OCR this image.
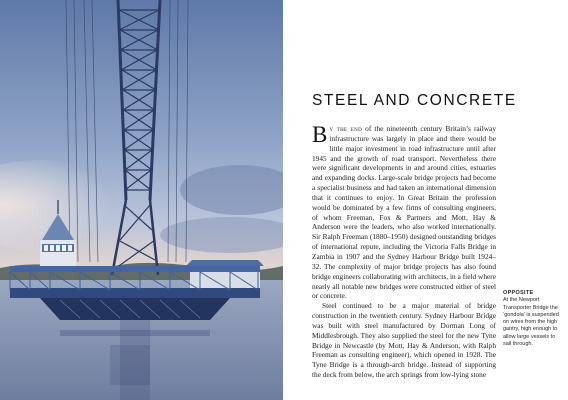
STEEL AND CONCRETE

By the end of the nineteenth century Britain’s railway infrastructure was largely in place and there would be little major investment in road infrastructure until after 1945 and the growth of road transport. Nevertheless there were significant developments in and around cities, estuaries and expanding docks. Large-scale bridge projects had become a specialist business and had taken an international dimension that it continues to enjoy. In Great Britain the profession would be dominated by a few firms of consulting engineers, of whom Freeman, Fox & Partners and Mott, Hay & Anderson were the leaders, who also worked internationally. Sir Ralph Freeman (1880–1950) designed outstanding bridges of international repute, including the Victoria Falls Bridge in Zambia in 1907 and the Sydney Harbour Bridge built 1924–32. The complexity of major bridge projects has also found bridge engineers collaborating with architects, in a field where nearly all notable new bridges were constructed either of steel or concrete.

Steel continued to be a major material of bridge construction in the twentieth century. Sydney Harbour Bridge was built with steel manufactured by Dorman Long of Middlesbrough. They also supplied the steel for the new Tyne Bridge in Newcastle (by Mott, Hay & Anderson, with Ralph Freeman as consulting engineer), which opened in 1928. The Tyne Bridge is a through-arch bridge. Instead of supporting the deck from below, the arch springs from low-lying stone

OPPOSITE
At the Newport Transporter Bridge the ‘gondola’ is suspended on wires from the high gantry, high enough to allow large vessels to sail through.
